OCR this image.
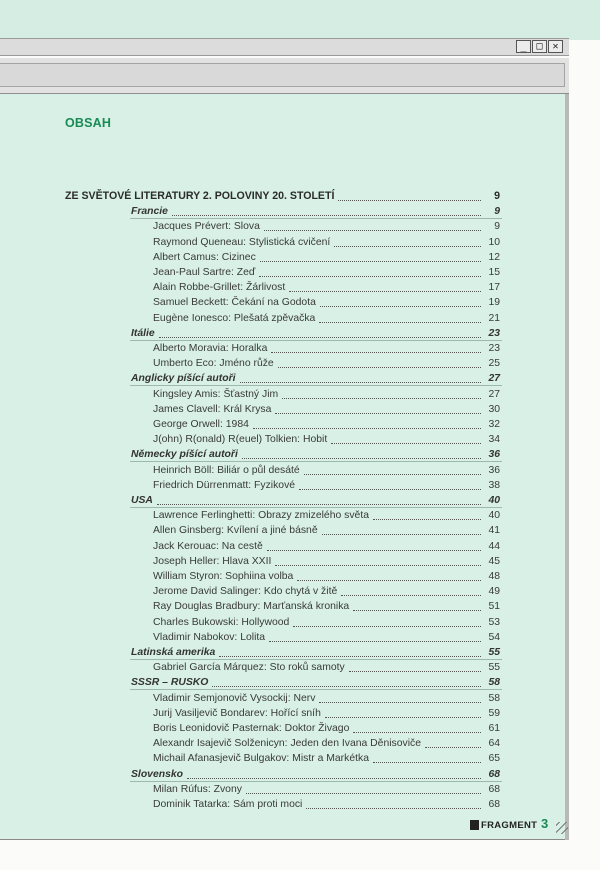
_ □ ✕
OBSAH
ZE SVĚTOVÉ LITERATURY 2. POLOVINY 20. STOLETÍ	9
Francie	9
Jacques Prévert: Slova	9
Raymond Queneau: Stylistická cvičení	10
Albert Camus: Cizinec	12
Jean-Paul Sartre: Zeď	15
Alain Robbe-Grillet: Žárlivost	17
Samuel Beckett: Čekání na Godota	19
Eugène Ionesco: Plešatá zpěvačka	21
Itálie	23
Alberto Moravia: Horalka	23
Umberto Eco: Jméno růže	25
Anglicky píšící autoři	27
Kingsley Amis: Šťastný Jim	27
James Clavell: Král Krysa	30
George Orwell: 1984	32
J(ohn) R(onald) R(euel) Tolkien: Hobit	34
Německy píšící autoři	36
Heinrich Böll: Biliár o půl desáté	36
Friedrich Dürrenmatt: Fyzikové	38
USA	40
Lawrence Ferlinghetti: Obrazy zmizelého světa	40
Allen Ginsberg: Kvílení a jiné básně	41
Jack Kerouac: Na cestě	44
Joseph Heller: Hlava XXII	45
William Styron: Sophiina volba	48
Jerome David Salinger: Kdo chytá v žitě	49
Ray Douglas Bradbury: Marťanská kronika	51
Charles Bukowski: Hollywood	53
Vladimir Nabokov: Lolita	54
Latinská amerika	55
Gabriel García Márquez: Sto roků samoty	55
SSSR – RUSKO	58
Vladimir Semjonovič Vysockij: Nerv	58
Jurij Vasiljevič Bondarev: Hořící sníh	59
Boris Leonidovič Pasternak: Doktor Živago	61
Alexandr Isajevič Solženicyn: Jeden den Ivana Děnisoviče	64
Michail Afanasjevič Bulgakov: Mistr a Markétka	65
Slovensko	68
Milan Rúfus: Zvony	68
Dominik Tatarka: Sám proti moci	68
FRAGMENT 3
